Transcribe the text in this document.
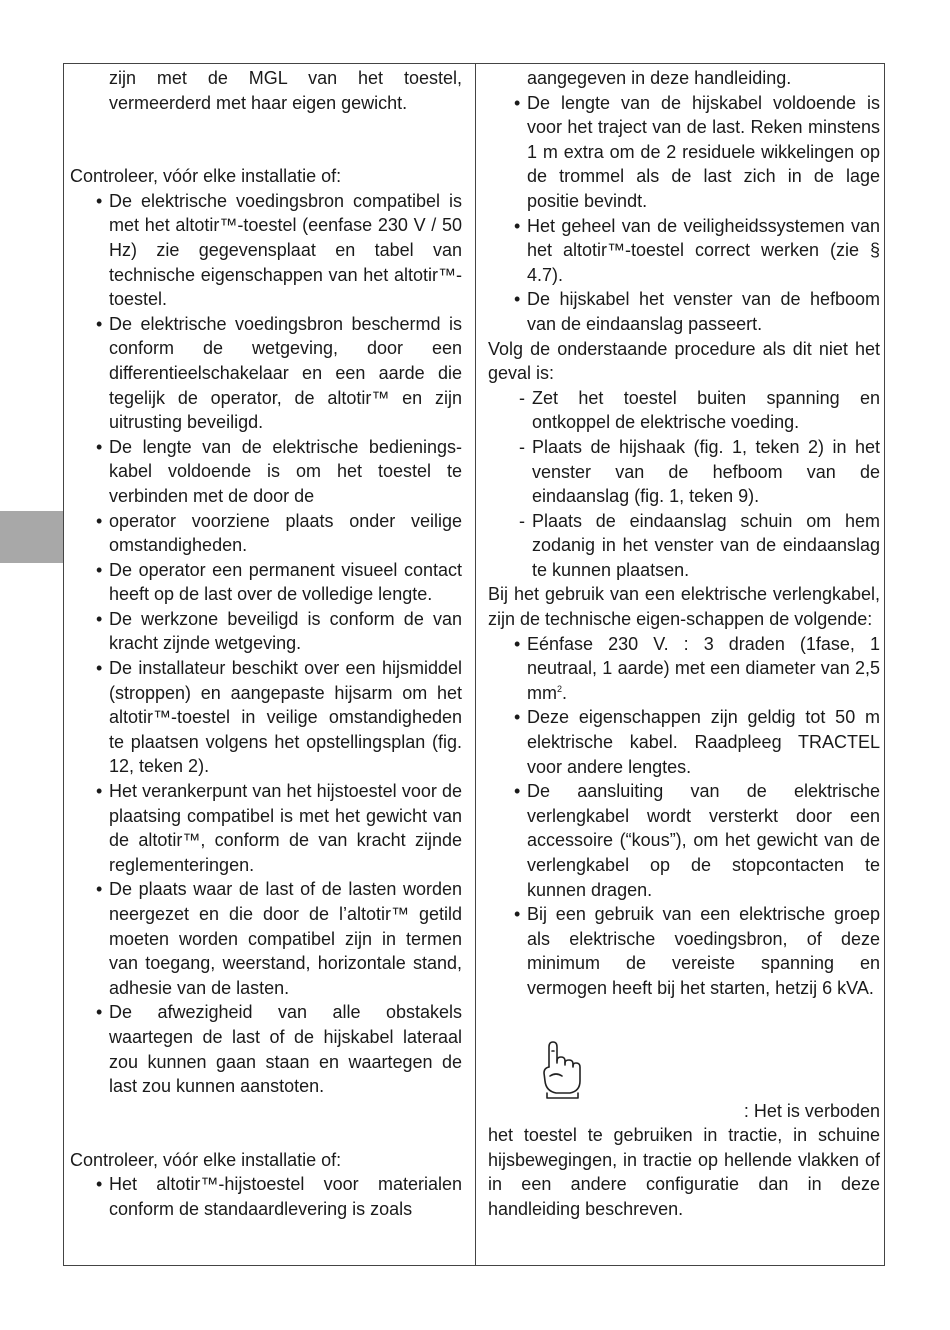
zijn met de MGL van het toestel, vermeerderd met haar eigen gewicht.

Controleer, vóór elke installatie of:

• De elektrische voedingsbron compatibel is met het altotir™-toestel (eenfase 230 V / 50 Hz) zie gegevensplaat en tabel van technische eigenschappen van het altotir™-toestel.
• De elektrische voedingsbron beschermd is conform de wetgeving, door een differentieelschakelaar en een aarde die tegelijk de operator, de altotir™ en zijn uitrusting beveiligd.
• De lengte van de elektrische bedienings-kabel voldoende is om het toestel te verbinden met de door de
• operator voorziene plaats onder veilige omstandigheden.
• De operator een permanent visueel contact heeft op de last over de volledige lengte.
• De werkzone beveiligd is conform de van kracht zijnde wetgeving.
• De installateur beschikt over een hijsmiddel (stroppen) en aangepaste hijsarm om het altotir™-toestel in veilige omstandigheden te plaatsen volgens het opstellingsplan (fig. 12, teken 2).
• Het verankerpunt van het hijstoestel voor de plaatsing compatibel is met het gewicht van de altotir™, conform de van kracht zijnde reglementeringen.
• De plaats waar de last of de lasten worden neergezet en die door de l’altotir™ getild moeten worden compatibel zijn in termen van toegang, weerstand, horizontale stand, adhesie van de lasten.
• De afwezigheid van alle obstakels waartegen de last of de hijskabel lateraal zou kunnen gaan staan en waartegen de last zou kunnen aanstoten.

Controleer, vóór elke installatie of:

• Het altotir™-hijstoestel voor materialen conform de standaardlevering is zoals

aangegeven in deze handleiding.

• De lengte van de hijskabel voldoende is voor het traject van de last. Reken minstens 1 m extra om de 2 residuele wikkelingen op de trommel als de last zich in de lage positie bevindt.
• Het geheel van de veiligheidssystemen van het altotir™-toestel correct werken (zie § 4.7).
• De hijskabel het venster van de hefboom van de eindaanslag passeert.

Volg de onderstaande procedure als dit niet het geval is:

- Zet het toestel buiten spanning en ontkoppel de elektrische voeding.
- Plaats de hijshaak (fig. 1, teken 2) in het venster van de hefboom van de eindaanslag (fig. 1, teken 9).
- Plaats de eindaanslag schuin om hem zodanig in het venster van de eindaanslag te kunnen plaatsen.

Bij het gebruik van een elektrische verlengkabel, zijn de technische eigen-schappen de volgende:

• Eénfase 230 V. : 3 draden (1fase, 1 neutraal, 1 aarde) met een diameter van 2,5 $mm^2$.
• Deze eigenschappen zijn geldig tot 50 m elektrische kabel. Raadpleeg TRACTEL voor andere lengtes.
• De aansluiting van de elektrische verlengkabel wordt versterkt door een accessoire (“kous”), om het gewicht van de verlengkabel op de stopcontacten te kunnen dragen.
• Bij een gebruik van een elektrische groep als elektrische voedingsbron, of deze minimum de vereiste spanning en vermogen heeft bij het starten, hetzij 6 kVA.

: Het is verboden

het toestel te gebruiken in tractie, in schuine hijsbewegingen, in tractie op hellende vlakken of in een andere configuratie dan in deze handleiding beschreven.
